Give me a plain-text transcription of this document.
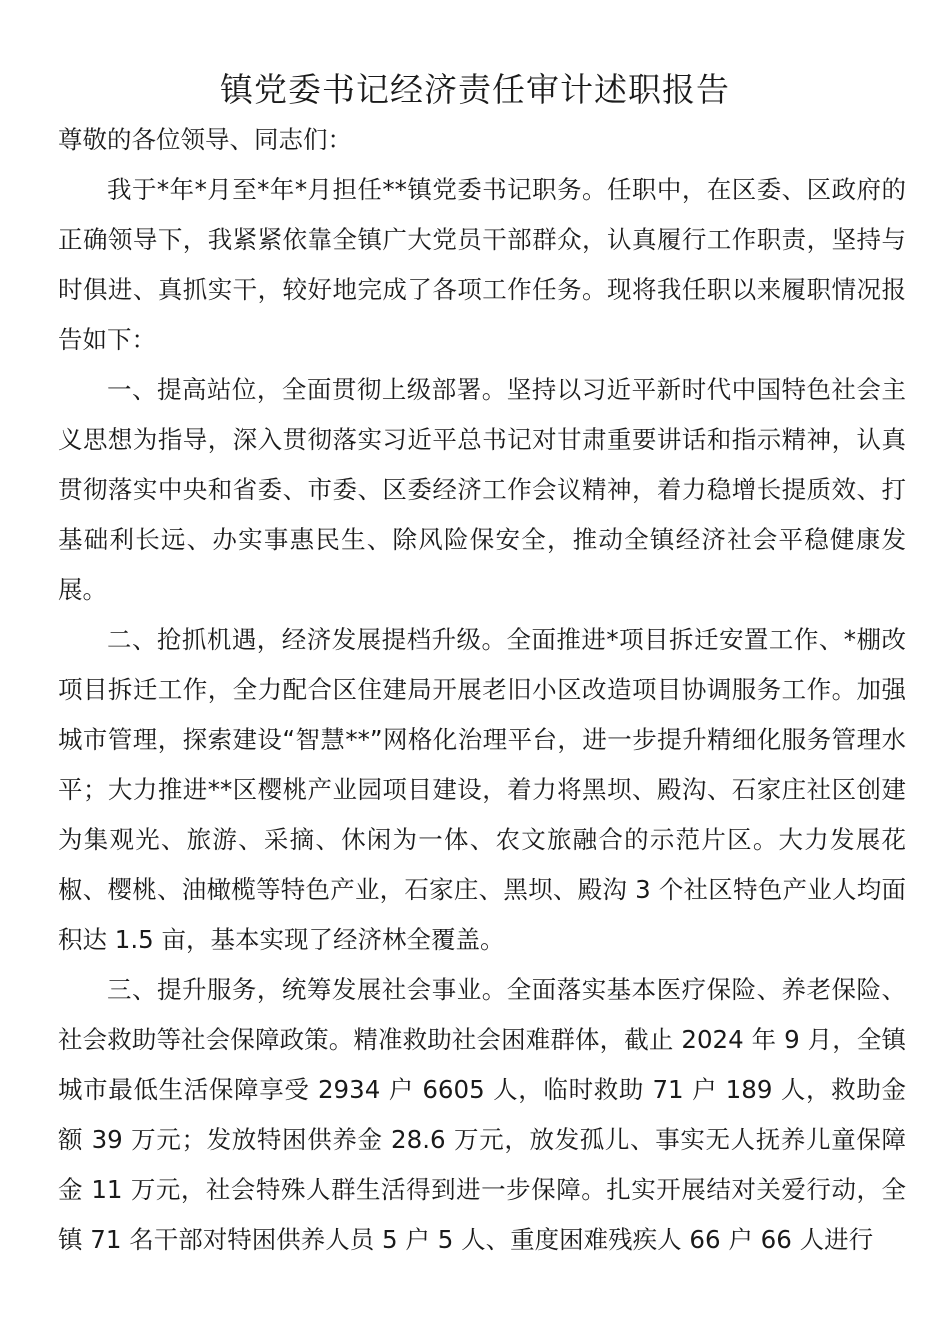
镇党委书记经济责任审计述职报告

尊敬的各位领导、同志们：

我于*年*月至*年*月担任**镇党委书记职务。任职中，在区委、区政府的正确领导下，我紧紧依靠全镇广大党员干部群众，认真履行工作职责，坚持与时俱进、真抓实干，较好地完成了各项工作任务。现将我任职以来履职情况报告如下：

一、提高站位，全面贯彻上级部署。坚持以习近平新时代中国特色社会主义思想为指导，深入贯彻落实习近平总书记对甘肃重要讲话和指示精神，认真贯彻落实中央和省委、市委、区委经济工作会议精神，着力稳增长提质效、打基础利长远、办实事惠民生、除风险保安全，推动全镇经济社会平稳健康发展。

二、抢抓机遇，经济发展提档升级。全面推进*项目拆迁安置工作、*棚改项目拆迁工作，全力配合区住建局开展老旧小区改造项目协调服务工作。加强城市管理，探索建设“智慧**”网格化治理平台，进一步提升精细化服务管理水平；大力推进**区樱桃产业园项目建设，着力将黑坝、殿沟、石家庄社区创建为集观光、旅游、采摘、休闲为一体、农文旅融合的示范片区。大力发展花椒、樱桃、油橄榄等特色产业，石家庄、黑坝、殿沟 3 个社区特色产业人均面积达 1.5 亩，基本实现了经济林全覆盖。

三、提升服务，统筹发展社会事业。全面落实基本医疗保险、养老保险、社会救助等社会保障政策。精准救助社会困难群体，截止 2024 年 9 月，全镇城市最低生活保障享受 2934 户 6605 人，临时救助 71 户 189 人，救助金额 39 万元；发放特困供养金 28.6 万元，放发孤儿、事实无人抚养儿童保障金 11 万元，社会特殊人群生活得到进一步保障。扎实开展结对关爱行动，全镇 71 名干部对特困供养人员 5 户 5 人、重度困难残疾人 66 户 66 人进行
